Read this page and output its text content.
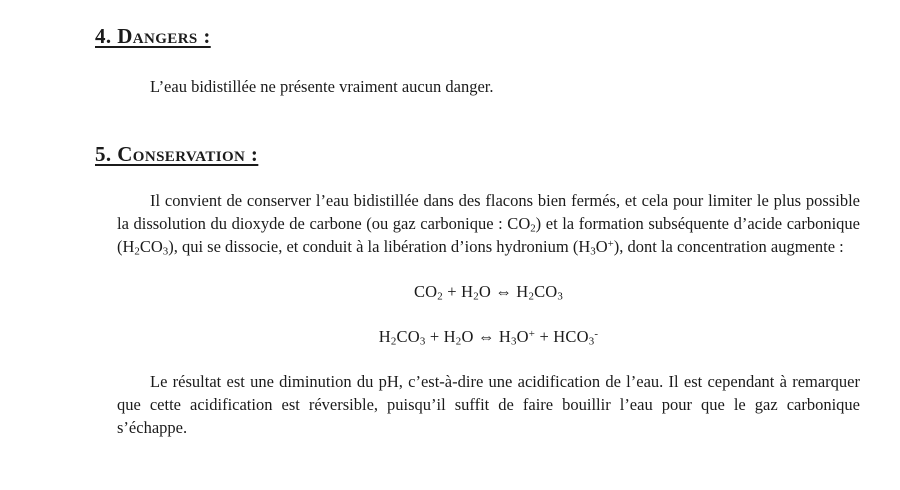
4. Dangers :

L’eau bidistillée ne présente vraiment aucun danger.

5. Conservation :

Il convient de conserver l’eau bidistillée dans des flacons bien fermés, et cela pour limiter le plus possible la dissolution du dioxyde de carbone (ou gaz carbonique : $CO_2$) et la formation subséquente d’acide carbonique $(H_2CO_3)$, qui se dissocie, et conduit à la libération d’ions hydronium $(H_3O^+)$, dont la concentration augmente :

$CO_2 + H_2O$ ⇔ $H_2CO_3$

$H_2CO_3 + H_2O$ ⇔ $H_3O^+ + HCO_3^-$

Le résultat est une diminution du pH, c’est-à-dire une acidification de l’eau. Il est cependant à remarquer que cette acidification est réversible, puisqu’il suffit de faire bouillir l’eau pour que le gaz carbonique s’échappe.
